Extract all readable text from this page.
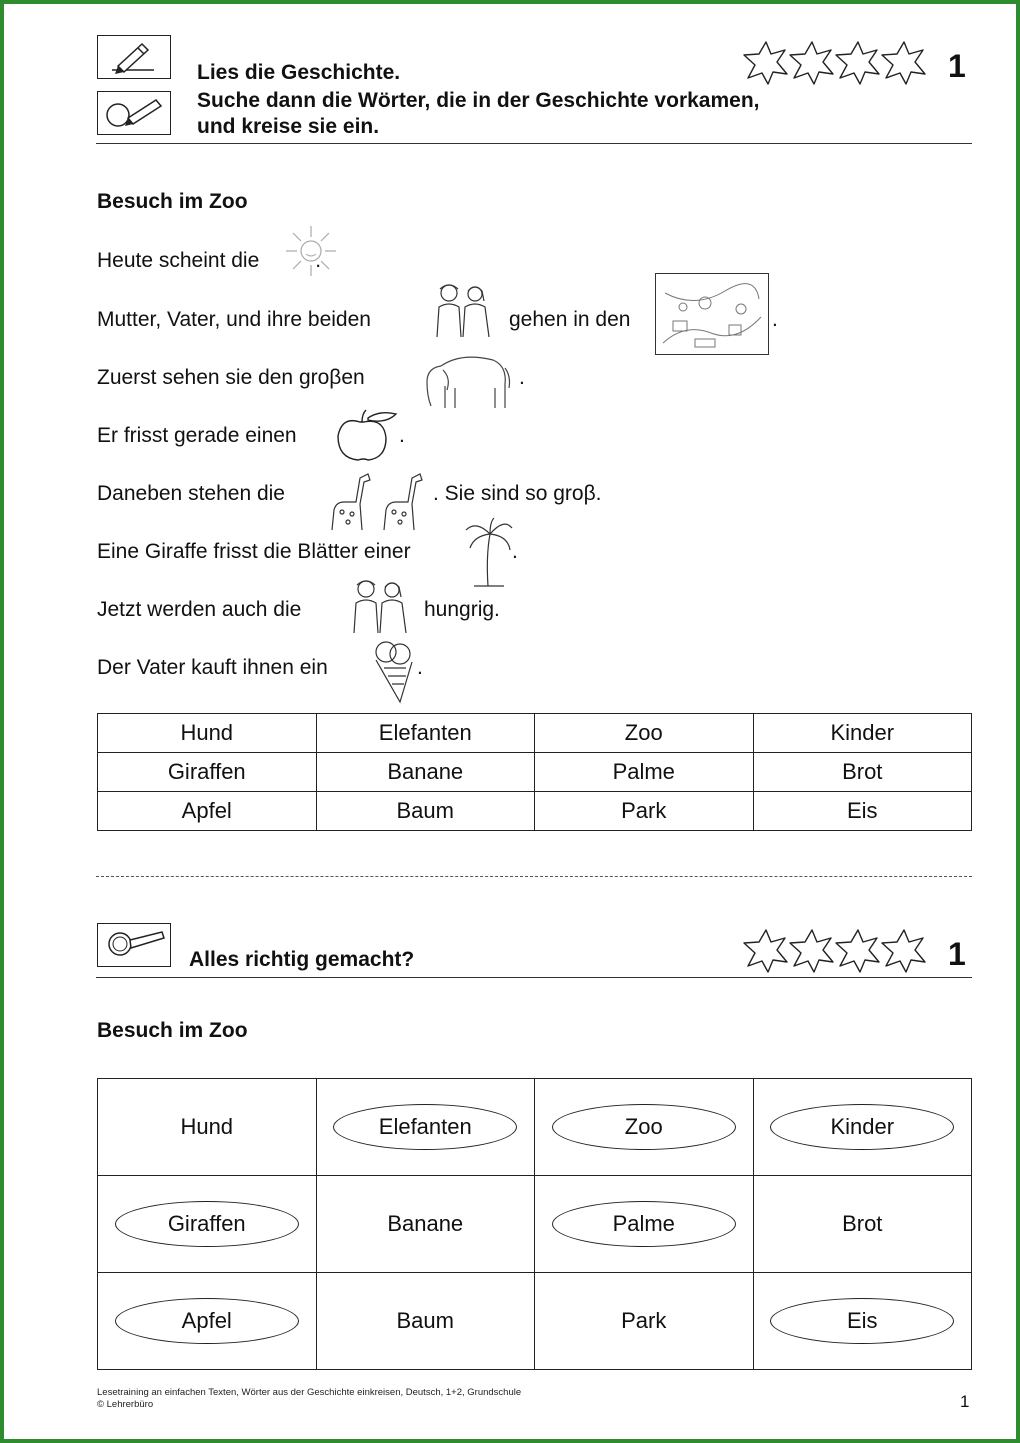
Lies die Geschichte.
Suche dann die Wörter, die in der Geschichte vorkamen,
und kreise sie ein.
1
Besuch im Zoo
Heute scheint die	.
Mutter, Vater, und ihre beiden	gehen in den	.
Zuerst sehen sie den groβen	.
Er frisst gerade einen	.
Daneben stehen die	. Sie sind so groβ.
Eine Giraffe frisst die Blätter einer	.
Jetzt werden auch die	hungrig.
Der Vater kauft ihnen ein	.
Hund	Elefanten	Zoo	Kinder
Giraffen	Banane	Palme	Brot
Apfel	Baum	Park	Eis
Alles richtig gemacht?	1
Besuch im Zoo
Hund	Elefanten	Zoo	Kinder
Giraffen	Banane	Palme	Brot
Apfel	Baum	Park	Eis
Lesetraining an einfachen Texten, Wörter aus der Geschichte einkreisen, Deutsch, 1+2, Grundschule
© Lehrerbüro	1
